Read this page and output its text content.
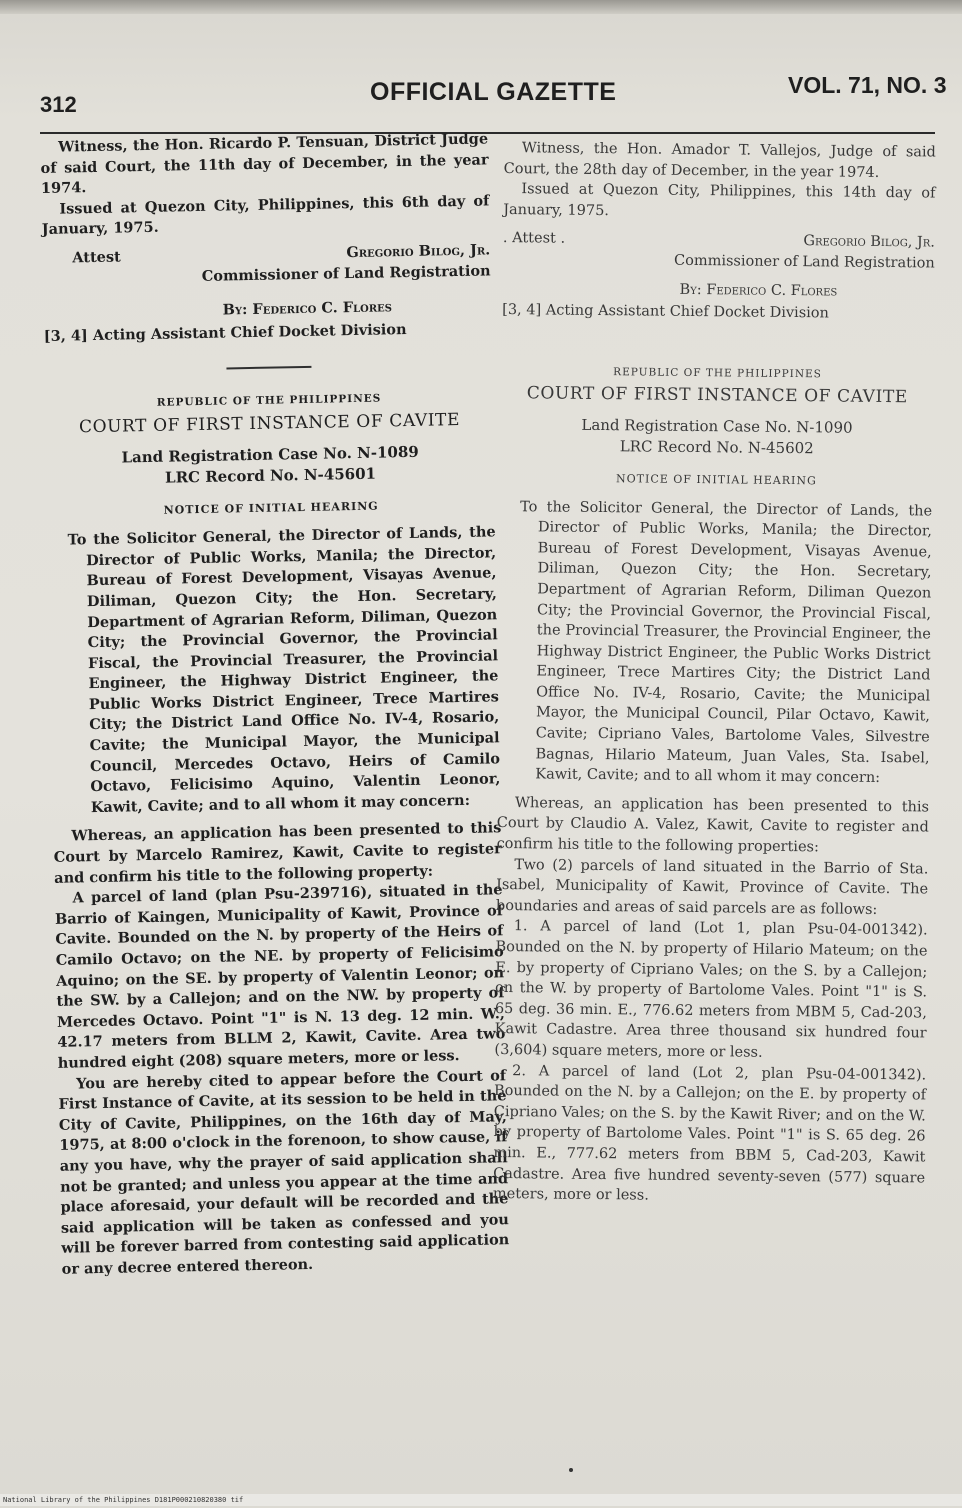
312	OFFICIAL GAZETTE	VOL. 71, NO. 3

Witness, the Hon. Ricardo P. Tensuan, District Judge of said Court, the 11th day of December, in the year 1974.

Issued at Quezon City, Philippines, this 6th day of January, 1975.

Attest	Gregorio Bilog, Jr.

Commissioner of Land Registration

By: Federico C. Flores

[3, 4] Acting Assistant Chief Docket Division

REPUBLIC OF THE PHILIPPINES

COURT OF FIRST INSTANCE OF CAVITE

Land Registration Case No. N-1089

LRC Record No. N-45601

NOTICE OF INITIAL HEARING

To the Solicitor General, the Director of Lands, the Director of Public Works, Manila; the Director, Bureau of Forest Development, Visayas Avenue, Diliman, Quezon City; the Hon. Secretary, Department of Agrarian Reform, Diliman, Quezon City; the Provincial Governor, the Provincial Fiscal, the Provincial Treasurer, the Provincial Engineer, the Highway District Engineer, the Public Works District Engineer, Trece Martires City; the District Land Office No. IV-4, Rosario, Cavite; the Municipal Mayor, the Municipal Council, Mercedes Octavo, Heirs of Camilo Octavo, Felicisimo Aquino, Valentin Leonor, Kawit, Cavite; and to all whom it may concern:

Whereas, an application has been presented to this Court by Marcelo Ramirez, Kawit, Cavite to register and confirm his title to the following property:

A parcel of land (plan Psu-239716), situated in the Barrio of Kaingen, Municipality of Kawit, Province of Cavite. Bounded on the N. by property of the Heirs of Camilo Octavo; on the NE. by property of Felicisimo Aquino; on the SE. by property of Valentin Leonor; on the SW. by a Callejon; and on the NW. by property of Mercedes Octavo. Point "1" is N. 13 deg. 12 min. W., 42.17 meters from BLLM 2, Kawit, Cavite. Area two hundred eight (208) square meters, more or less.

You are hereby cited to appear before the Court of First Instance of Cavite, at its session to be held in the City of Cavite, Philippines, on the 16th day of May, 1975, at 8:00 o'clock in the forenoon, to show cause, if any you have, why the prayer of said application shall not be granted; and unless you appear at the time and place aforesaid, your default will be recorded and the said application will be taken as confessed and you will be forever barred from contesting said application or any decree entered thereon.

Witness, the Hon. Amador T. Vallejos, Judge of said Court, the 28th day of December, in the year 1974.

Issued at Quezon City, Philippines, this 14th day of January, 1975.

. Attest .	Gregorio Bilog, Jr.

Commissioner of Land Registration

By: Federico C. Flores

[3, 4] Acting Assistant Chief Docket Division

REPUBLIC OF THE PHILIPPINES

COURT OF FIRST INSTANCE OF CAVITE

Land Registration Case No. N-1090

LRC Record No. N-45602

NOTICE OF INITIAL HEARING

To the Solicitor General, the Director of Lands, the Director of Public Works, Manila; the Director, Bureau of Forest Development, Visayas Avenue, Diliman, Quezon City; the Hon. Secretary, Department of Agrarian Reform, Diliman Quezon City; the Provincial Governor, the Provincial Fiscal, the Provincial Treasurer, the Provincial Engineer, the Highway District Engineer, the Public Works District Engineer, Trece Martires City; the District Land Office No. IV-4, Rosario, Cavite; the Municipal Mayor, the Municipal Council, Pilar Octavo, Kawit, Cavite; Cipriano Vales, Bartolome Vales, Silvestre Bagnas, Hilario Mateum, Juan Vales, Sta. Isabel, Kawit, Cavite; and to all whom it may concern:

Whereas, an application has been presented to this Court by Claudio A. Valez, Kawit, Cavite to register and confirm his title to the following properties:

Two (2) parcels of land situated in the Barrio of Sta. Isabel, Municipality of Kawit, Province of Cavite. The boundaries and areas of said parcels are as follows:

1. A parcel of land (Lot 1, plan Psu-04-001342). Bounded on the N. by property of Hilario Mateum; on the E. by property of Cipriano Vales; on the S. by a Callejon; on the W. by property of Bartolome Vales. Point "1" is S. 65 deg. 36 min. E., 776.62 meters from MBM 5, Cad-203, Kawit Cadastre. Area three thousand six hundred four (3,604) square meters, more or less.

2. A parcel of land (Lot 2, plan Psu-04-001342). Bounded on the N. by a Callejon; on the E. by property of Cipriano Vales; on the S. by the Kawit River; and on the W. by property of Bartolome Vales. Point "1" is S. 65 deg. 26 min. E., 777.62 meters from BBM 5, Cad-203, Kawit Cadastre. Area five hundred seventy-seven (577) square meters, more or less.

National Library of the Philippines D181P000210820380 tif
